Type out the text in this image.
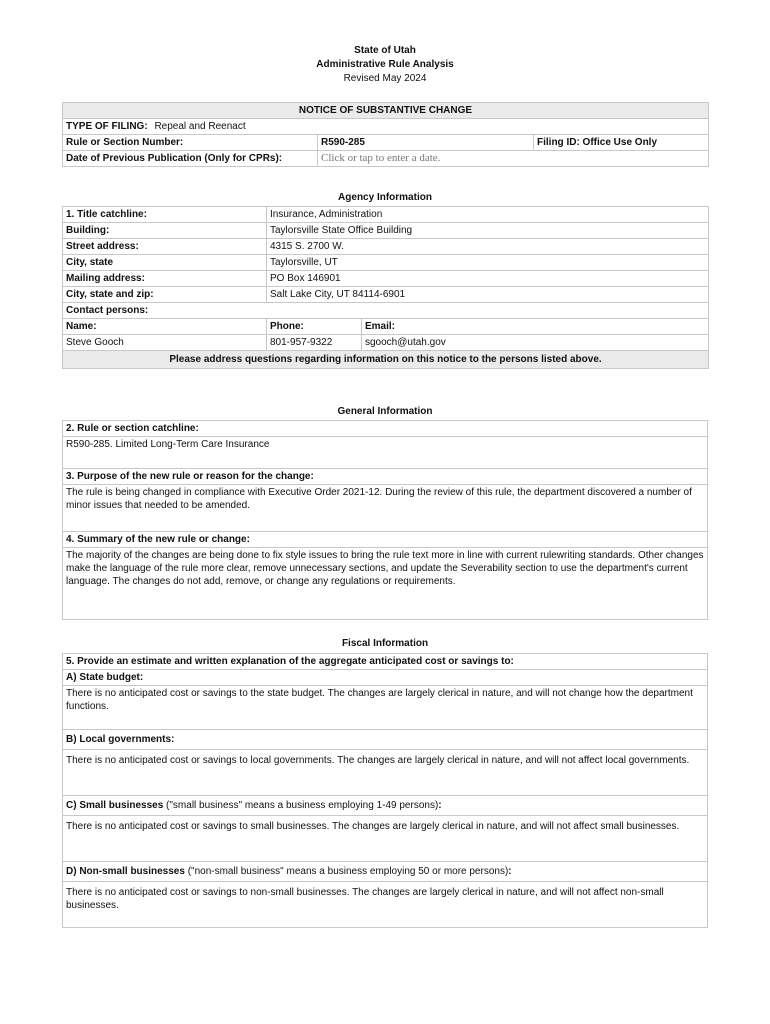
State of Utah
Administrative Rule Analysis
Revised May 2024
NOTICE OF SUBSTANTIVE CHANGE		
TYPE OF FILING: Repeal and Reenact		
Rule or Section Number:	R590-285	Filing ID: Office Use Only
Date of Previous Publication (Only for CPRs):	Click or tap to enter a date.	
Agency Information
1. Title catchline:	Insurance, Administration	
Building:	Taylorsville State Office Building	
Street address:	4315 S. 2700 W.	
City, state	Taylorsville, UT	
Mailing address:	PO Box 146901	
City, state and zip:	Salt Lake City, UT 84114-6901	
Contact persons:		
Name:	Phone:	Email:
Steve Gooch	801-957-9322	sgooch@utah.gov
Please address questions regarding information on this notice to the persons listed above.		
General Information
2. Rule or section catchline:
R590-285. Limited Long-Term Care Insurance
3. Purpose of the new rule or reason for the change:
The rule is being changed in compliance with Executive Order 2021-12. During the review of this rule, the department discovered a number of minor issues that needed to be amended.
4. Summary of the new rule or change:
The majority of the changes are being done to fix style issues to bring the rule text more in line with current rulewriting standards. Other changes make the language of the rule more clear, remove unnecessary sections, and update the Severability section to use the department's current language. The changes do not add, remove, or change any regulations or requirements.
Fiscal Information
5. Provide an estimate and written explanation of the aggregate anticipated cost or savings to:
A) State budget:
There is no anticipated cost or savings to the state budget. The changes are largely clerical in nature, and will not change how the department functions.
B) Local governments:
There is no anticipated cost or savings to local governments. The changes are largely clerical in nature, and will not affect local governments.
C) Small businesses ("small business" means a business employing 1-49 persons):
There is no anticipated cost or savings to small businesses. The changes are largely clerical in nature, and will not affect small businesses.
D) Non-small businesses ("non-small business" means a business employing 50 or more persons):
There is no anticipated cost or savings to non-small businesses. The changes are largely clerical in nature, and will not affect non-small businesses.
